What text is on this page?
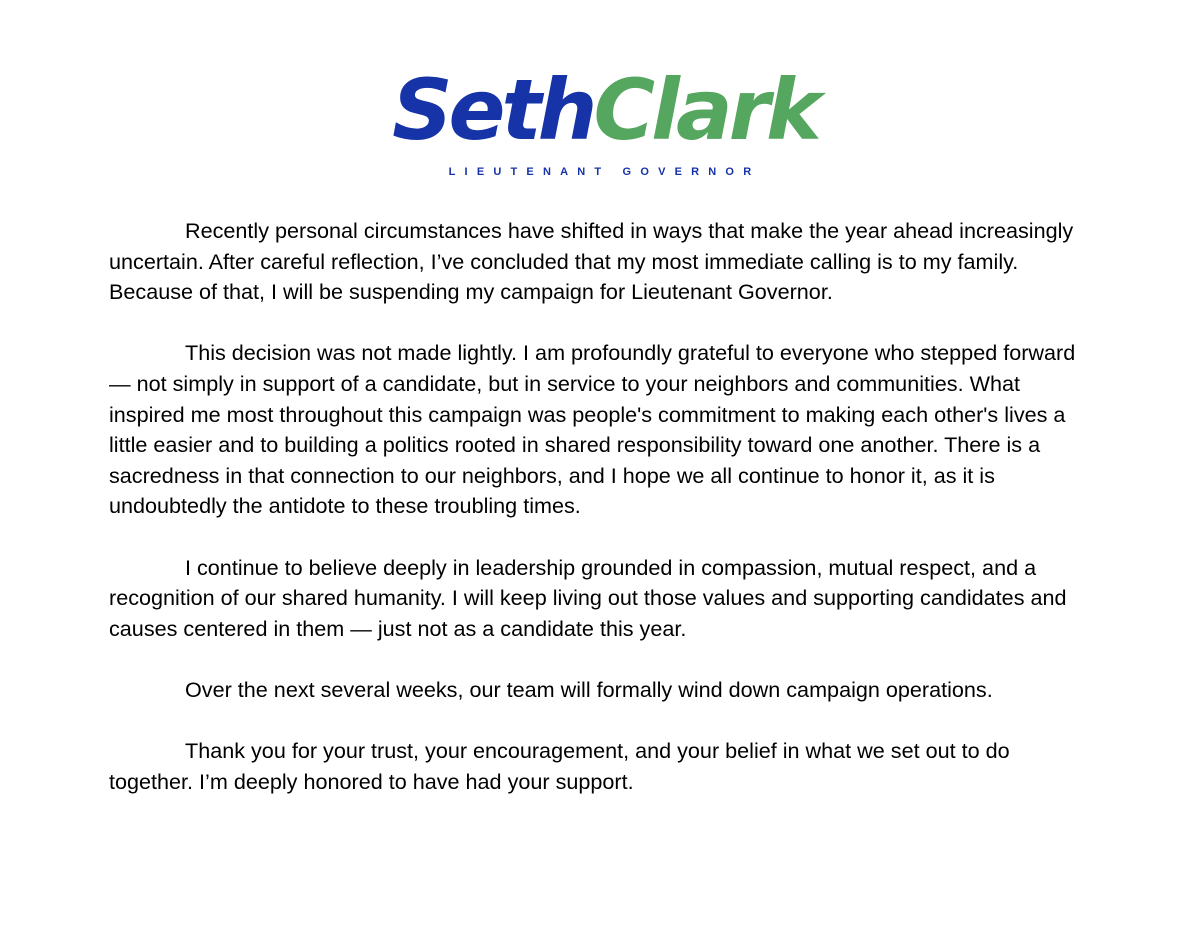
SethClark
LIEUTENANT GOVERNOR

Recently personal circumstances have shifted in ways that make the year ahead increasingly uncertain. After careful reflection, I’ve concluded that my most immediate calling is to my family. Because of that, I will be suspending my campaign for Lieutenant Governor.

This decision was not made lightly. I am profoundly grateful to everyone who stepped forward — not simply in support of a candidate, but in service to your neighbors and communities. What inspired me most throughout this campaign was people's commitment to making each other's lives a little easier and to building a politics rooted in shared responsibility toward one another. There is a sacredness in that connection to our neighbors, and I hope we all continue to honor it, as it is undoubtedly the antidote to these troubling times.

I continue to believe deeply in leadership grounded in compassion, mutual respect, and a recognition of our shared humanity. I will keep living out those values and supporting candidates and causes centered in them — just not as a candidate this year.

Over the next several weeks, our team will formally wind down campaign operations.

Thank you for your trust, your encouragement, and your belief in what we set out to do together. I’m deeply honored to have had your support.
